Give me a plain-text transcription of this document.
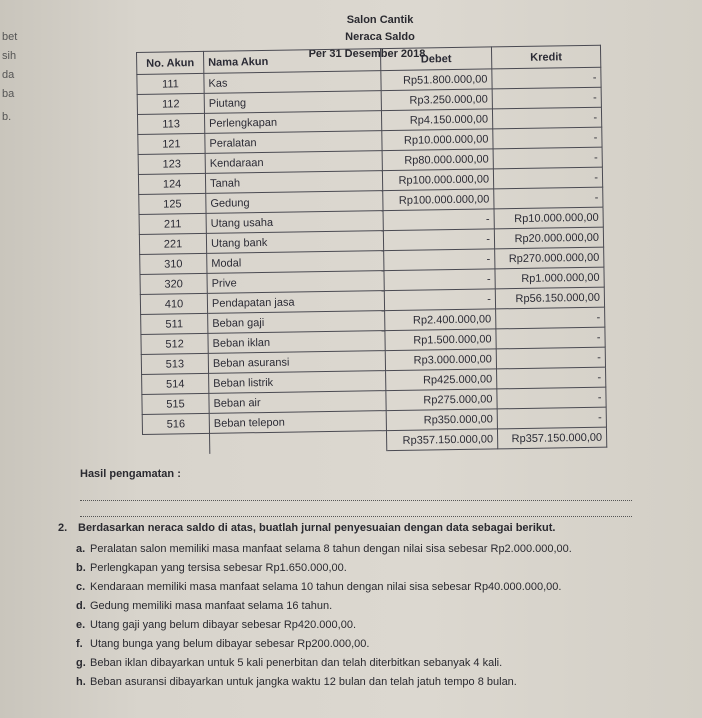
bet
sih
da
ba
b.
Salon Cantik
Neraca Saldo
Per 31 Desember 2018
No. Akun	Nama Akun	Debet	Kredit
111	Kas	Rp51.800.000,00	-
112	Piutang	Rp3.250.000,00	-
113	Perlengkapan	Rp4.150.000,00	-
121	Peralatan	Rp10.000.000,00	-
123	Kendaraan	Rp80.000.000,00	-
124	Tanah	Rp100.000.000,00	-
125	Gedung	Rp100.000.000,00	-
211	Utang usaha	-	Rp10.000.000,00
221	Utang bank	-	Rp20.000.000,00
310	Modal	-	Rp270.000.000,00
320	Prive	-	Rp1.000.000,00
410	Pendapatan jasa	-	Rp56.150.000,00
511	Beban gaji	Rp2.400.000,00	-
512	Beban iklan	Rp1.500.000,00	-
513	Beban asuransi	Rp3.000.000,00	-
514	Beban listrik	Rp425.000,00	-
515	Beban air	Rp275.000,00	-
516	Beban telepon	Rp350.000,00	-
		Rp357.150.000,00	Rp357.150.000,00
Hasil pengamatan :
2. Berdasarkan neraca saldo di atas, buatlah jurnal penyesuaian dengan data sebagai berikut.
a. Peralatan salon memiliki masa manfaat selama 8 tahun dengan nilai sisa sebesar Rp2.000.000,00.
b. Perlengkapan yang tersisa sebesar Rp1.650.000,00.
c. Kendaraan memiliki masa manfaat selama 10 tahun dengan nilai sisa sebesar Rp40.000.000,00.
d. Gedung memiliki masa manfaat selama 16 tahun.
e. Utang gaji yang belum dibayar sebesar Rp420.000,00.
f. Utang bunga yang belum dibayar sebesar Rp200.000,00.
g. Beban iklan dibayarkan untuk 5 kali penerbitan dan telah diterbitkan sebanyak 4 kali.
h. Beban asuransi dibayarkan untuk jangka waktu 12 bulan dan telah jatuh tempo 8 bulan.
